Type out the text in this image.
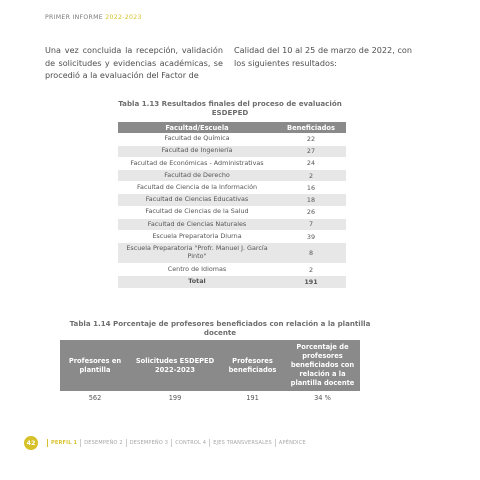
PRIMER INFORME 2022-2023

Una vez concluida la recepción, validación de solicitudes y evidencias académicas, se procedió a la evaluación del Factor de

Calidad del 10 al 25 de marzo de 2022, con los siguientes resultados:

Tabla 1.13 Resultados finales del proceso de evaluación ESDEPED
Facultad/Escuela	Beneficiados
Facultad de Química	22
Facultad de Ingeniería	27
Facultad de Económicas - Administrativas	24
Facultad de Derecho	2
Facultad de Ciencia de la Información	16
Facultad de Ciencias Educativas	18
Facultad de Ciencias de la Salud	26
Facultad de Ciencias Naturales	7
Escuela Preparatoria Diurna	39
Escuela Preparatoria "Profr. Manuel J. García Pinto"	8
Centro de Idiomas	2
Total	191
Tabla 1.14 Porcentaje de profesores beneficiados con relación a la plantilla docente
Profesores en plantilla	Solicitudes ESDEPED 2022-2023	Profesores beneficiados	Porcentaje de profesores beneficiados con relación a la plantilla docente
562	199	191	34 %
42	PERFIL 1	DESEMPEÑO 2	DESEMPEÑO 3	CONTROL 4	EJES TRANSVERSALES	APÉNDICE
